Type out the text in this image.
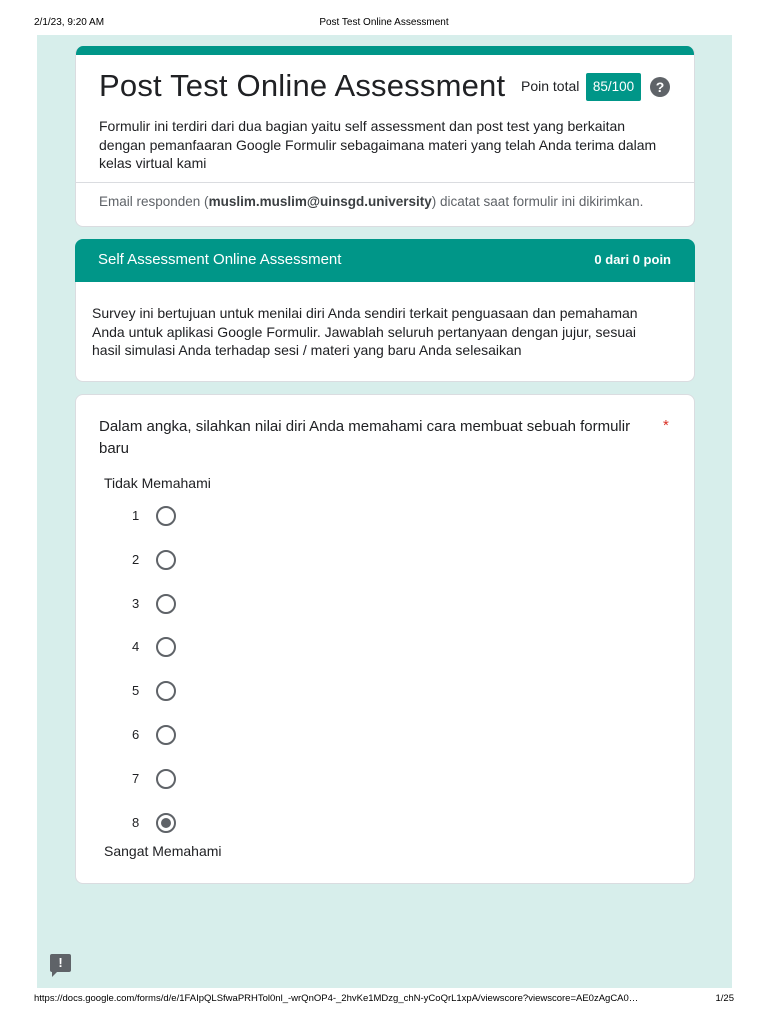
2/1/23, 9:20 AM	Post Test Online Assessment
Post Test Online Assessment Poin total 85/100	?
Formulir ini terdiri dari dua bagian yaitu self assessment dan post test yang berkaitan dengan pemanfaaran Google Formulir sebagaimana materi yang telah Anda terima dalam kelas virtual kami
Email responden (muslim.muslim@uinsgd.university) dicatat saat formulir ini dikirimkan.
Self Assessment Online Assessment	0 dari 0 poin
Survey ini bertujuan untuk menilai diri Anda sendiri terkait penguasaan dan pemahaman Anda untuk aplikasi Google Formulir. Jawablah seluruh pertanyaan dengan jujur, sesuai hasil simulasi Anda terhadap sesi / materi yang baru Anda selesaikan
Dalam angka, silahkan nilai diri Anda memahami cara membuat sebuah formulir baru
*
Tidak Memahami
1
2
3
4
5
6
7
8
Sangat Memahami
!
https://docs.google.com/forms/d/e/1FAIpQLSfwaPRHTol0nl_-wrQnOP4-_2hvKe1MDzg_chN-yCoQrL1xpA/viewscore?viewscore=AE0zAgCA0…	1/25
